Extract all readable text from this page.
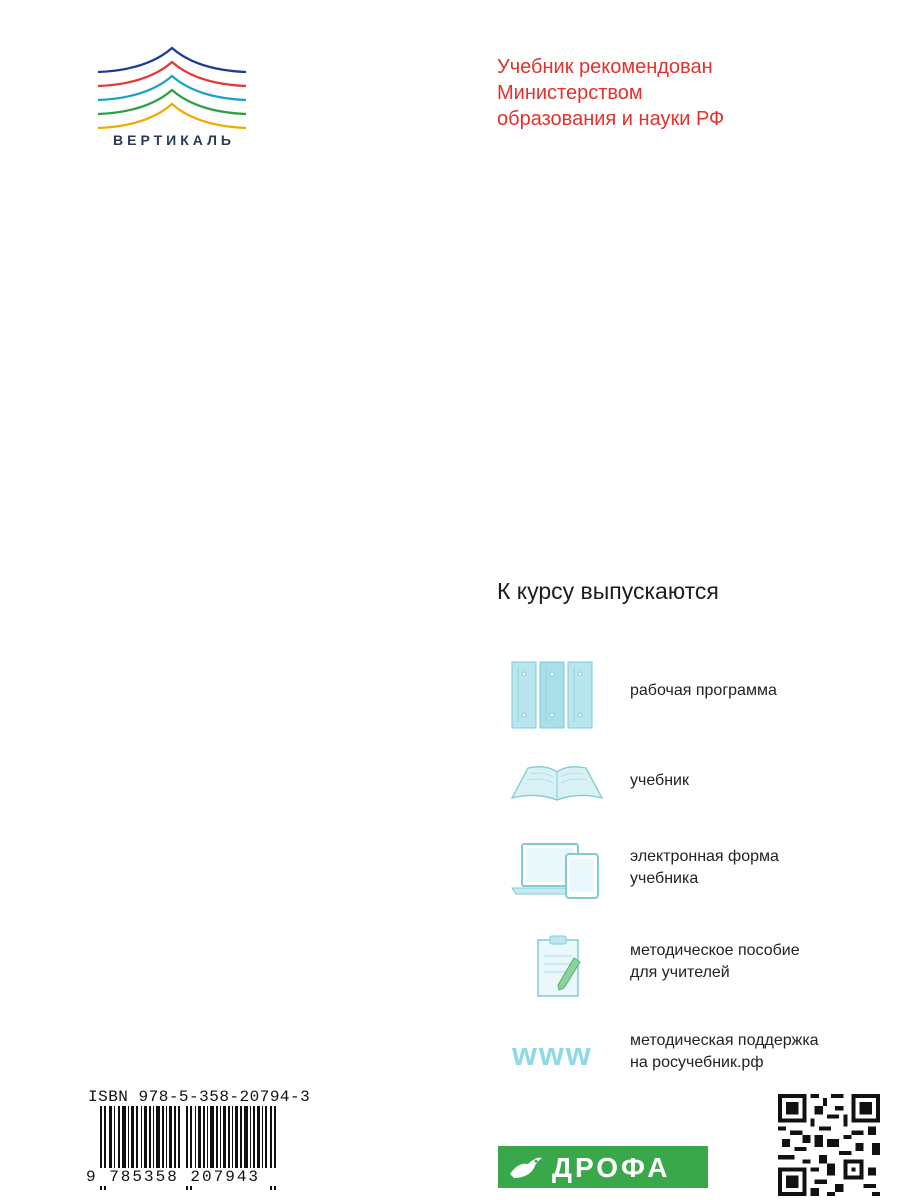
ВЕРТИКАЛЬ
Учебник рекомендован
Министерством
образования и науки РФ
К курсу выпускаются
рабочая программа
учебник
электронная форма
учебника
методическое пособие
для учителей
www методическая поддержка
на росучебник.рф
ISBN 978-5-358-20794-3
9 785358 207943	ДРОФА
